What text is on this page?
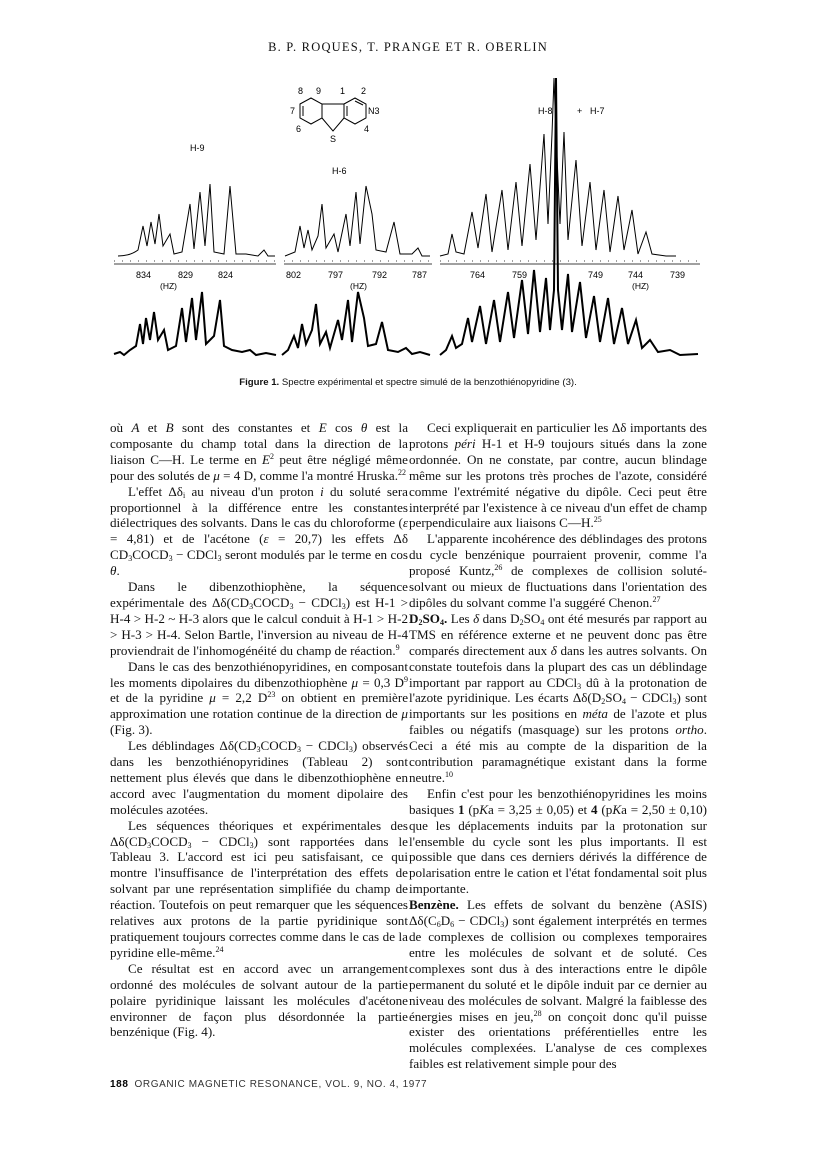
B. P. ROQUES, T. PRANGE ET R. OBERLIN
8 9 1 2
7	N3
6
S
4
H-9
H-6
H-8	+ H-7
834	829	824
(HZ)
802	797	792	787
(HZ)
764	759	749	744	739
(HZ)
Figure 1. Spectre expérimental et spectre simulé de la benzothiénopyridine (3).

où A et B sont des constantes et E cos θ est la composante du champ total dans la direction de la liaison C—H. Le terme en $E^2$ peut être négligé même pour des solutés de μ = 4 D, comme l'a montré Hruska.$^{22}$

L'effet $\Delta\delta_i$ au niveau d'un proton i du soluté sera proportionnel à la différence entre les constantes diélectriques des solvants. Dans le cas du chloroforme (ε = 4,81) et de l'acétone (ε = 20,7) les effets Δδ $CD_3COCD_3$ − CDCl$_3$ seront modulés par le terme en cos θ.

Dans le dibenzothiophène, la séquence expérimentale des $\Delta\delta(CD_3COCD_3$ − CDCl$_3$) est H-1 > H-4 > H-2 ~ H-3 alors que le calcul conduit à H-1 > H-2 > H-3 > H-4. Selon Bartle, l'inversion au niveau de H-4 proviendrait de l'inhomogénéité du champ de réaction.$^9$

Dans le cas des benzothiénopyridines, en composant les moments dipolaires du dibenzothiophène μ = 0,3 $D^9$ et de la pyridine μ = 2,2 $D^{23}$ on obtient en première approximation une rotation continue de la direction de μ (Fig. 3).

Les déblindages $\Delta\delta(CD_3COCD_3$ − CDCl$_3$) observés dans les benzothiénopyridines (Tableau 2) sont nettement plus élevés que dans le dibenzothiophène en accord avec l'augmentation du moment dipolaire des molécules azotées.

Les séquences théoriques et expérimentales des $\Delta\delta(CD_3COCD_3$ − CDCl$_3$) sont rapportées dans le Tableau 3. L'accord est ici peu satisfaisant, ce qui montre l'insuffisance de l'interprétation des effets de solvant par une représentation simplifiée du champ de réaction. Toutefois on peut remarquer que les séquences relatives aux protons de la partie pyridinique sont pratiquement toujours correctes comme dans le cas de la pyridine elle-même.$^{24}$

Ce résultat est en accord avec un arrangement ordonné des molécules de solvant autour de la partie polaire pyridinique laissant les molécules d'acétone environner de façon plus désordonnée la partie benzénique (Fig. 4).

Ceci expliquerait en particulier les Δδ importants des protons péri H-1 et H-9 toujours situés dans la zone ordonnée. On ne constate, par contre, aucun blindage même sur les protons très proches de l'azote, considéré comme l'extrémité négative du dipôle. Ceci peut être interprété par l'existence à ce niveau d'un effet de champ perpendiculaire aux liaisons C—H.$^{25}$

L'apparente incohérence des déblindages des protons du cycle benzénique pourraient provenir, comme l'a proposé Kuntz,$^{26}$ de complexes de collision soluté-solvant ou mieux de fluctuations dans l'orientation des dipôles du solvant comme l'a suggéré Chenon.$^{27}$

$D_2SO_4$. Les δ dans $D_2SO_4$ ont été mesurés par rapport au TMS en référence externe et ne peuvent donc pas être comparés directement aux δ dans les autres solvants. On constate toutefois dans la plupart des cas un déblindage important par rapport au CDCl$_3$ dû à la protonation de l'azote pyridinique. Les écarts $\Delta\delta(D_2SO_4$ − CDCl$_3$) sont importants sur les positions en méta de l'azote et plus faibles ou négatifs (masquage) sur les protons ortho. Ceci a été mis au compte de la disparition de la contribution paramagnétique existant dans la forme neutre.$^{10}$

Enfin c'est pour les benzothiénopyridines les moins basiques 1 (pKa = 3,25 ± 0,05) et 4 (pKa = 2,50 ± 0,10) que les déplacements induits par la protonation sur l'ensemble du cycle sont les plus importants. Il est possible que dans ces derniers dérivés la différence de polarisation entre le cation et l'état fondamental soit plus importante.

Benzène. Les effets de solvant du benzène (ASIS) $\Delta\delta(C_6D_6$ − CDCl$_3$) sont également interprétés en termes de complexes de collision ou complexes temporaires entre les molécules de solvant et de soluté. Ces complexes sont dus à des interactions entre le dipôle permanent du soluté et le dipôle induit par ce dernier au niveau des molécules de solvant. Malgré la faiblesse des énergies mises en jeu,$^{28}$ on conçoit donc qu'il puisse exister des orientations préférentielles entre les molécules complexées. L'analyse de ces complexes faibles est relativement simple pour des

188 ORGANIC MAGNETIC RESONANCE, VOL. 9, NO. 4, 1977
